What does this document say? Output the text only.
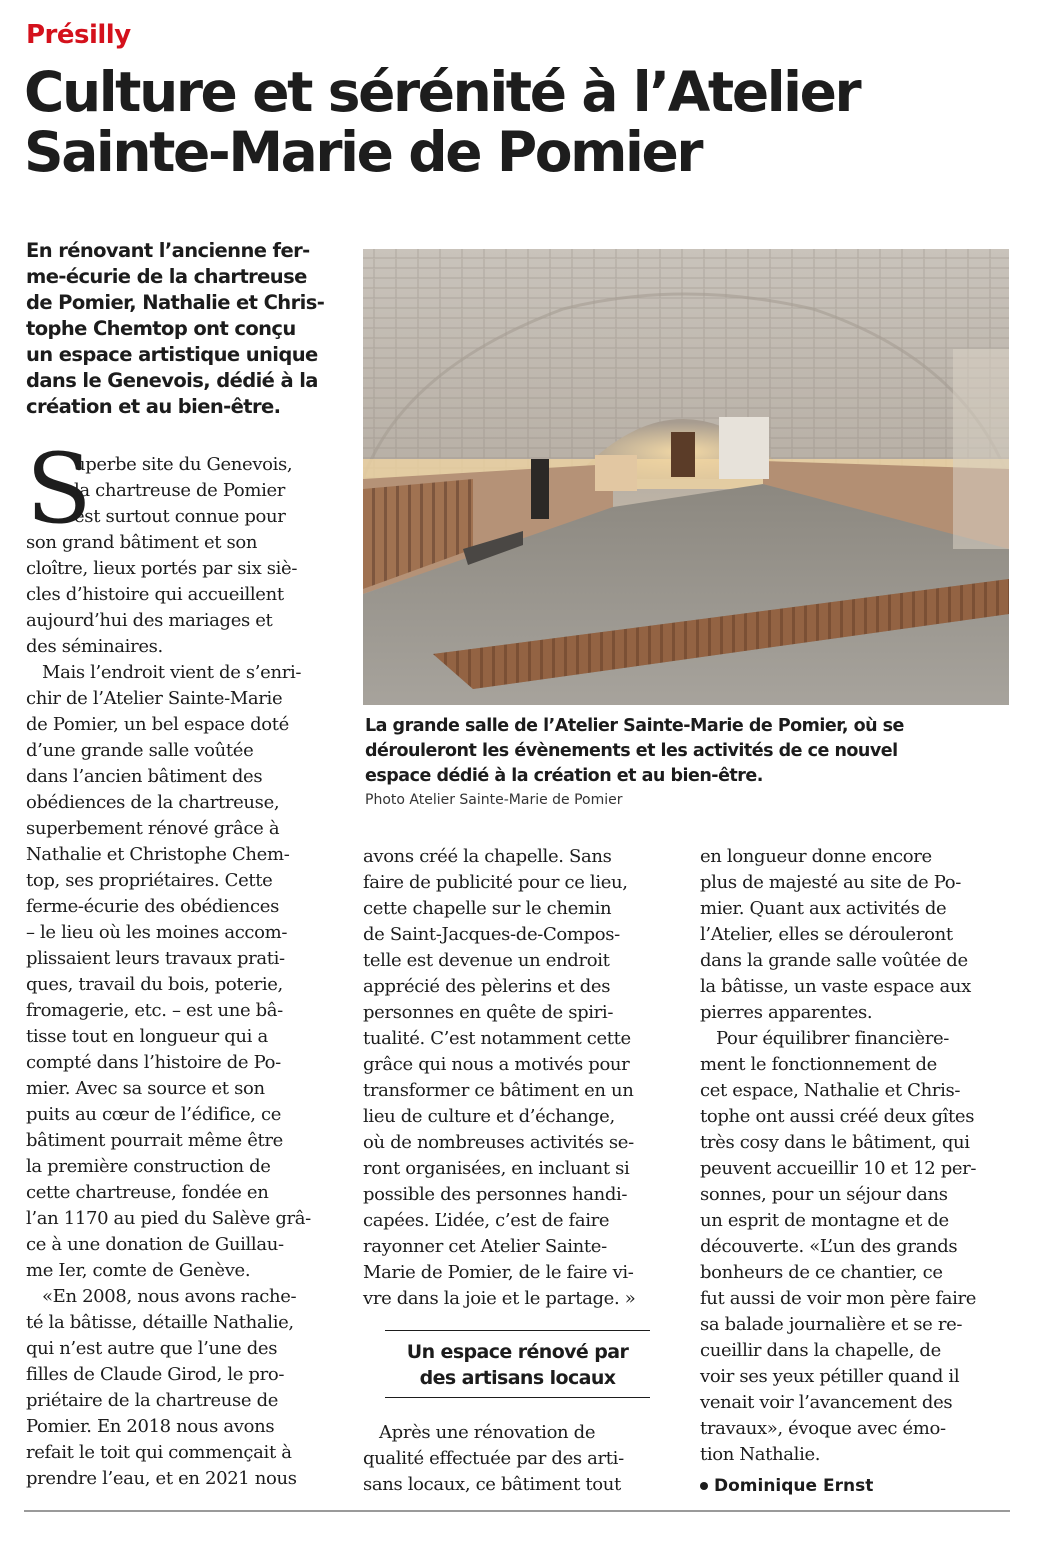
Présilly
Culture et sérénité à l’Atelier
Sainte-Marie de Pomier
En rénovant l’ancienne fer-
me-écurie de la chartreuse
de Pomier, Nathalie et Chris-
tophe Chemtop ont conçu
un espace artistique unique
dans le Genevois, dédié à la
création et au bien-être.
S
uperbe site du Genevois,
la chartreuse de Pomier
est surtout connue pour
son grand bâtiment et son
cloître, lieux portés par six siè-
cles d’histoire qui accueillent
aujourd’hui des mariages et
des séminaires.
Mais l’endroit vient de s’enri-
chir de l’Atelier Sainte-Marie
de Pomier, un bel espace doté
d’une grande salle voûtée
dans l’ancien bâtiment des
obédiences de la chartreuse,
superbement rénové grâce à
Nathalie et Christophe Chem-
top, ses propriétaires. Cette
ferme-écurie des obédiences
– le lieu où les moines accom-
plissaient leurs travaux prati-
ques, travail du bois, poterie,
fromagerie, etc. – est une bâ-
tisse tout en longueur qui a
compté dans l’histoire de Po-
mier. Avec sa source et son
puits au cœur de l’édifice, ce
bâtiment pourrait même être
la première construction de
cette chartreuse, fondée en
l’an 1170 au pied du Salève grâ-
ce à une donation de Guillau-
me Ier, comte de Genève.
«En 2008, nous avons rache-
té la bâtisse, détaille Nathalie,
qui n’est autre que l’une des
filles de Claude Girod, le pro-
priétaire de la chartreuse de
Pomier. En 2018 nous avons
refait le toit qui commençait à
prendre l’eau, et en 2021 nous
La grande salle de l’Atelier Sainte-Marie de Pomier, où se
dérouleront les évènements et les activités de ce nouvel
espace dédié à la création et au bien-être.
Photo Atelier Sainte-Marie de Pomier
avons créé la chapelle. Sans
faire de publicité pour ce lieu,
cette chapelle sur le chemin
de Saint-Jacques-de-Compos-
telle est devenue un endroit
apprécié des pèlerins et des
personnes en quête de spiri-
tualité. C’est notamment cette
grâce qui nous a motivés pour
transformer ce bâtiment en un
lieu de culture et d’échange,
où de nombreuses activités se-
ront organisées, en incluant si
possible des personnes handi-
capées. L’idée, c’est de faire
rayonner cet Atelier Sainte-
Marie de Pomier, de le faire vi-
vre dans la joie et le partage. »
Un espace rénové par
des artisans locaux
Après une rénovation de
qualité effectuée par des arti-
sans locaux, ce bâtiment tout
en longueur donne encore
plus de majesté au site de Po-
mier. Quant aux activités de
l’Atelier, elles se dérouleront
dans la grande salle voûtée de
la bâtisse, un vaste espace aux
pierres apparentes.
Pour équilibrer financière-
ment le fonctionnement de
cet espace, Nathalie et Chris-
tophe ont aussi créé deux gîtes
très cosy dans le bâtiment, qui
peuvent accueillir 10 et 12 per-
sonnes, pour un séjour dans
un esprit de montagne et de
découverte. «L’un des grands
bonheurs de ce chantier, ce
fut aussi de voir mon père faire
sa balade journalière et se re-
cueillir dans la chapelle, de
voir ses yeux pétiller quand il
venait voir l’avancement des
travaux», évoque avec émo-
tion Nathalie.
Dominique Ernst
